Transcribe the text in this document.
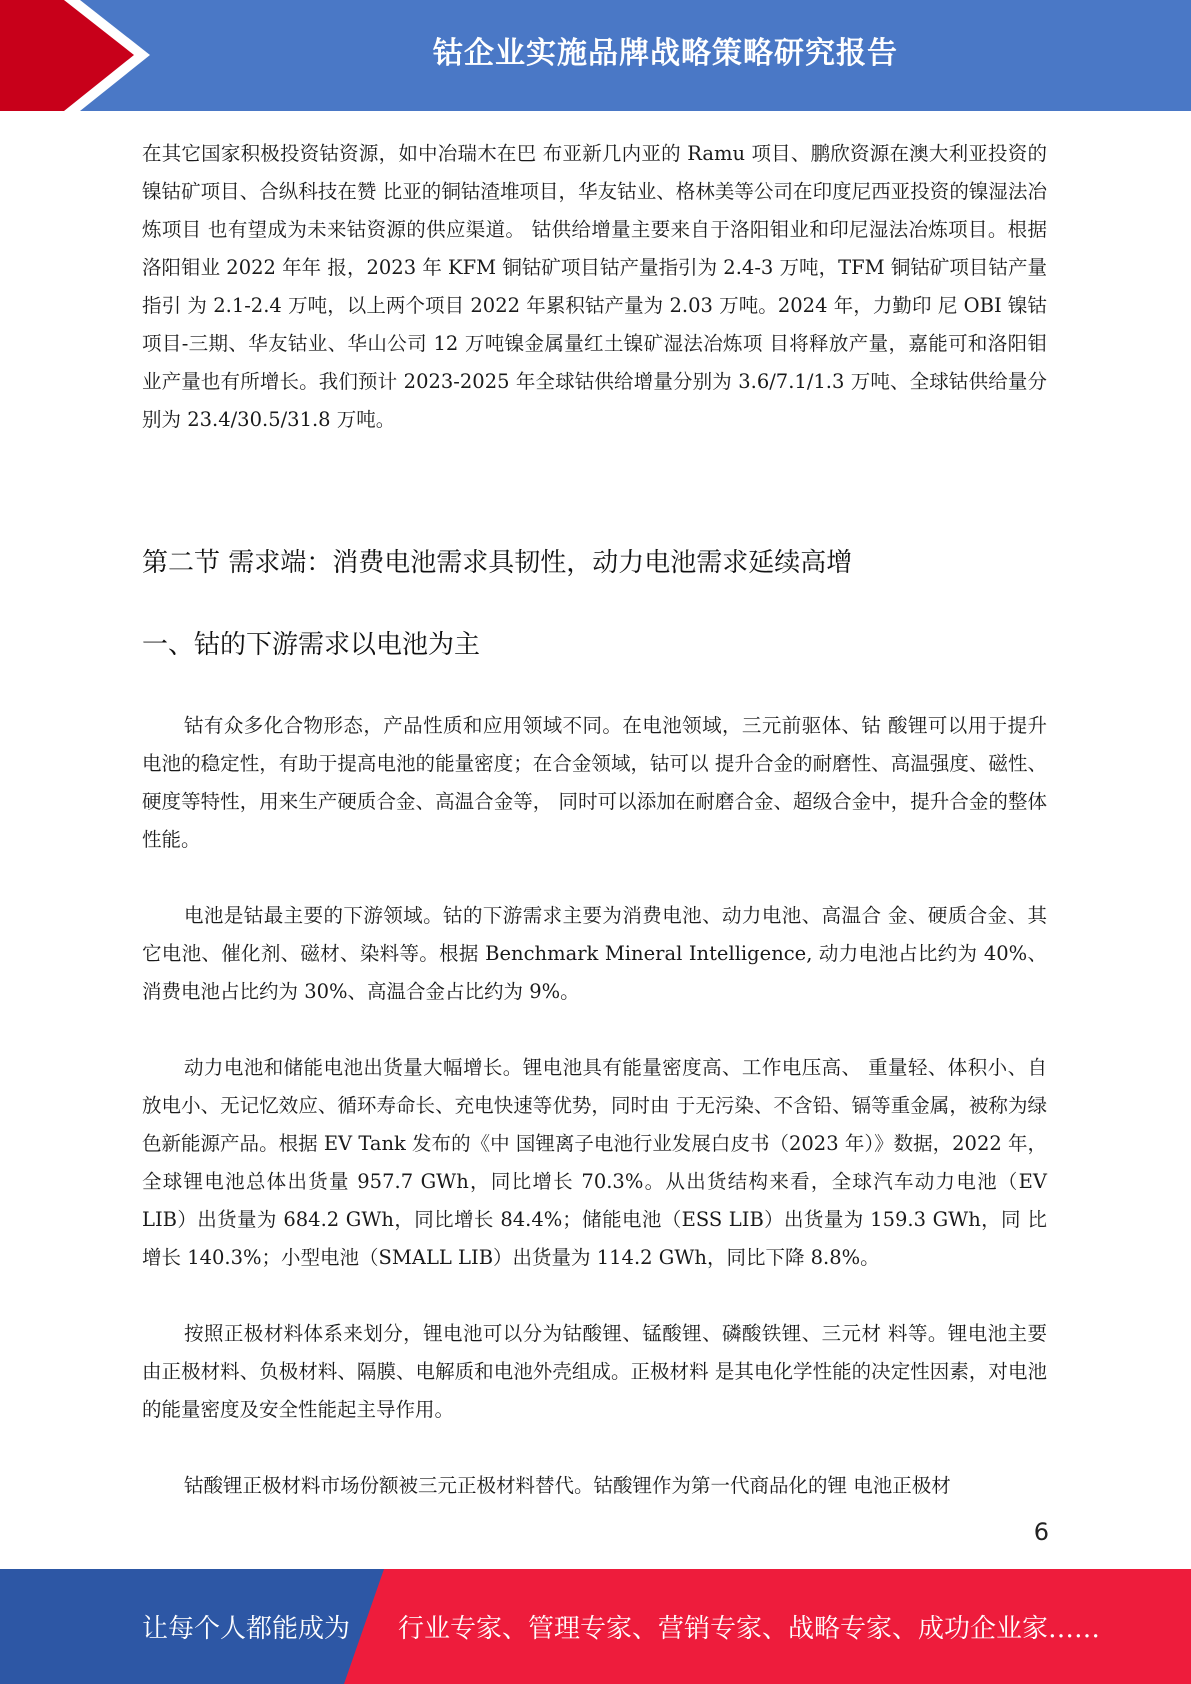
钴企业实施品牌战略策略研究报告

在其它国家积极投资钴资源，如中冶瑞木在巴 布亚新几内亚的 Ramu 项目、鹏欣资源在澳大利亚投资的镍钴矿项目、合纵科技在赞 比亚的铜钴渣堆项目，华友钴业、格林美等公司在印度尼西亚投资的镍湿法冶炼项目 也有望成为未来钴资源的供应渠道。 钴供给增量主要来自于洛阳钼业和印尼湿法冶炼项目。根据洛阳钼业 2022 年年 报，2023 年 KFM 铜钴矿项目钴产量指引为 2.4-3 万吨，TFM 铜钴矿项目钴产量指引 为 2.1-2.4 万吨，以上两个项目 2022 年累积钴产量为 2.03 万吨。2024 年，力勤印 尼 OBI 镍钴项目-三期、华友钴业、华山公司 12 万吨镍金属量红土镍矿湿法冶炼项 目将释放产量，嘉能可和洛阳钼业产量也有所增长。我们预计 2023-2025 年全球钴供给增量分别为 3.6/7.1/1.3 万吨、全球钴供给量分别为 23.4/30.5/31.8 万吨。

第二节 需求端：消费电池需求具韧性，动力电池需求延续高增
一、钴的下游需求以电池为主

钴有众多化合物形态，产品性质和应用领域不同。在电池领域，三元前驱体、钴 酸锂可以用于提升电池的稳定性，有助于提高电池的能量密度；在合金领域，钴可以 提升合金的耐磨性、高温强度、磁性、硬度等特性，用来生产硬质合金、高温合金等， 同时可以添加在耐磨合金、超级合金中，提升合金的整体性能。

电池是钴最主要的下游领域。钴的下游需求主要为消费电池、动力电池、高温合 金、硬质合金、其它电池、催化剂、磁材、染料等。根据 Benchmark Mineral Intelligence, 动力电池占比约为 40%、消费电池占比约为 30%、高温合金占比约为 9%。

动力电池和储能电池出货量大幅增长。锂电池具有能量密度高、工作电压高、 重量轻、体积小、自放电小、无记忆效应、循环寿命长、充电快速等优势，同时由 于无污染、不含铅、镉等重金属，被称为绿色新能源产品。根据 EV Tank 发布的《中 国锂离子电池行业发展白皮书（2023 年）》数据，2022 年，全球锂电池总体出货量 957.7 GWh，同比增长 70.3%。从出货结构来看，全球汽车动力电池（EV LIB）出货量为 684.2 GWh，同比增长 84.4%；储能电池（ESS LIB）出货量为 159.3 GWh，同 比增长 140.3%；小型电池（SMALL LIB）出货量为 114.2 GWh，同比下降 8.8%。

按照正极材料体系来划分，锂电池可以分为钴酸锂、锰酸锂、磷酸铁锂、三元材 料等。锂电池主要由正极材料、负极材料、隔膜、电解质和电池外壳组成。正极材料 是其电化学性能的决定性因素，对电池的能量密度及安全性能起主导作用。

钴酸锂正极材料市场份额被三元正极材料替代。钴酸锂作为第一代商品化的锂 电池正极材

6
让每个人都能成为 行业专家、管理专家、营销专家、战略专家、成功企业家……
